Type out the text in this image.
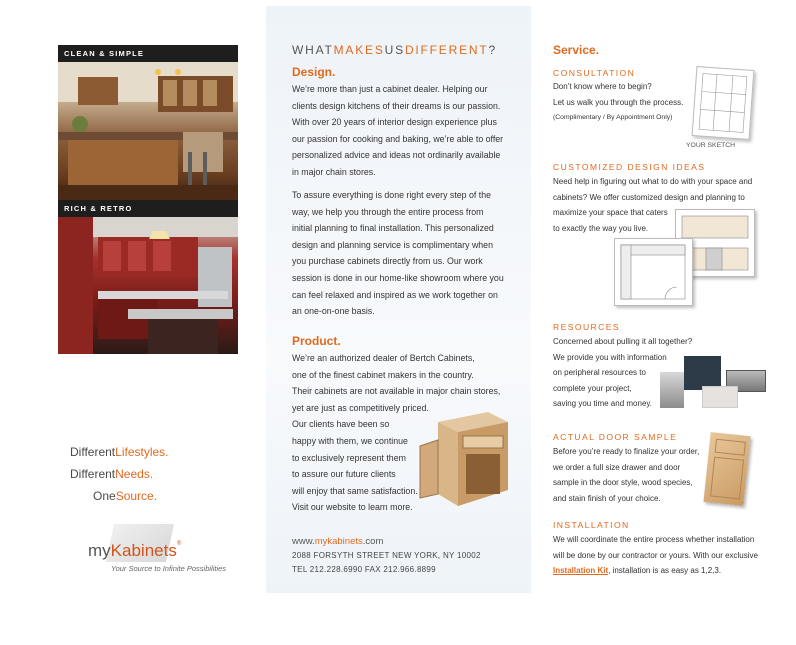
CLEAN & SIMPLE
RICH & RETRO
DifferentLifestyles.
DifferentNeeds.
OneSource.
myKabinets®
Your Source to Infinite Possibilities
WHATMAKESUSDIFFERENT?
Design.
We’re more than just a cabinet dealer. Helping our
clients design kitchens of their dreams is our passion.
With over 20 years of interior design experience plus
our passion for cooking and baking, we’re able to offer
personalized advice and ideas not ordinarily available
in major chain stores.
To assure everything is done right every step of the
way, we help you through the entire process from
initial planning to final installation. This personalized
design and planning service is complimentary when
you purchase cabinets directly from us. Our work
session is done in our home-like showroom where you
can feel relaxed and inspired as we work together on
an one-on-one basis.
Product.
We’re an authorized dealer of Bertch Cabinets,
one of the finest cabinet makers in the country.
Their cabinets are not available in major chain stores,
yet are just as competitively priced.
Our clients have been so
happy with them, we continue
to exclusively represent them
to assure our future clients
will enjoy that same satisfaction.
Visit our website to learn more.
www.mykabinets.com
2088 FORSYTH STREET NEW YORK, NY 10002
TEL 212.228.6990 FAX 212.966.8899
Service.
CONSULTATION
Don’t know where to begin?
Let us walk you through the process.
(Complimentary / By Appointment Only)
YOUR SKETCH
CUSTOMIZED DESIGN IDEAS
Need help in figuring out what to do with your space and
cabinets? We offer customized design and planning to
maximize your space that caters
to exactly the way you live.
RESOURCES
Concerned about pulling it all together?
We provide you with information
on peripheral resources to
complete your project,
saving you time and money.
ACTUAL DOOR SAMPLE
Before you’re ready to finalize your order,
we order a full size drawer and door
sample in the door style, wood species,
and stain finish of your choice.
INSTALLATION
We will coordinate the entire process whether installation
will be done by our contractor or yours. With our exclusive
Installation Kit, installation is as easy as 1,2,3.
